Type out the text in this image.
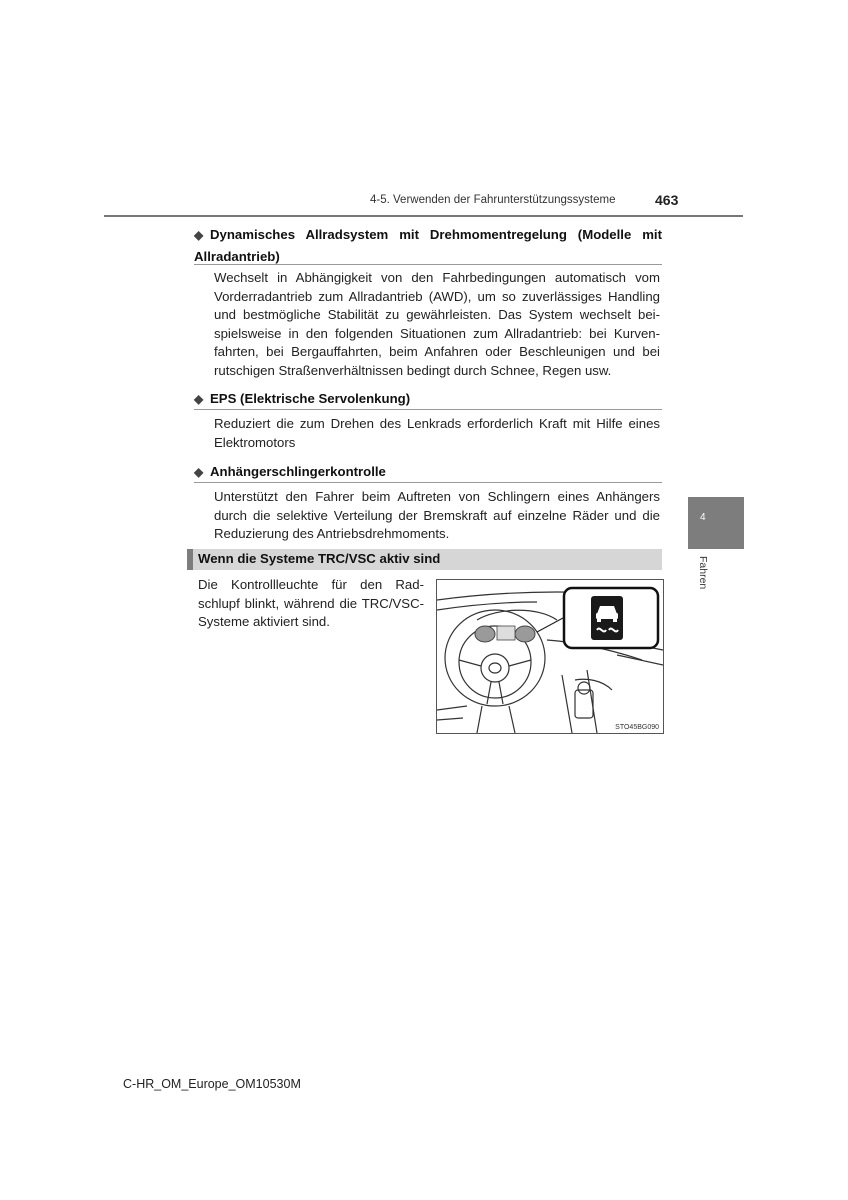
4-5. Verwenden der Fahrunterstützungssysteme	463
◆ Dynamisches Allradsystem mit Drehmomentregelung (Modelle mit Allradantrieb)
Wechselt in Abhängigkeit von den Fahrbedingungen automatisch vom Vorderradantrieb zum Allradantrieb (AWD), um so zuverlässiges Handling und bestmögliche Stabilität zu gewährleisten. Das System wechselt bei-spielsweise in den folgenden Situationen zum Allradantrieb: bei Kurven-fahrten, bei Bergauffahrten, beim Anfahren oder Beschleunigen und bei rutschigen Straßenverhältnissen bedingt durch Schnee, Regen usw.
◆ EPS (Elektrische Servolenkung)
Reduziert die zum Drehen des Lenkrads erforderlich Kraft mit Hilfe eines Elektromotors
◆ Anhängerschlingerkontrolle
Unterstützt den Fahrer beim Auftreten von Schlingern eines Anhängers durch die selektive Verteilung der Bremskraft auf einzelne Räder und die Reduzierung des Antriebsdrehmoments.
4
Fahren
Wenn die Systeme TRC/VSC aktiv sind
Die Kontrollleuchte für den Rad-schlupf blinkt, während die TRC/VSC-Systeme aktiviert sind.
STO45BG090
C-HR_OM_Europe_OM10530M
